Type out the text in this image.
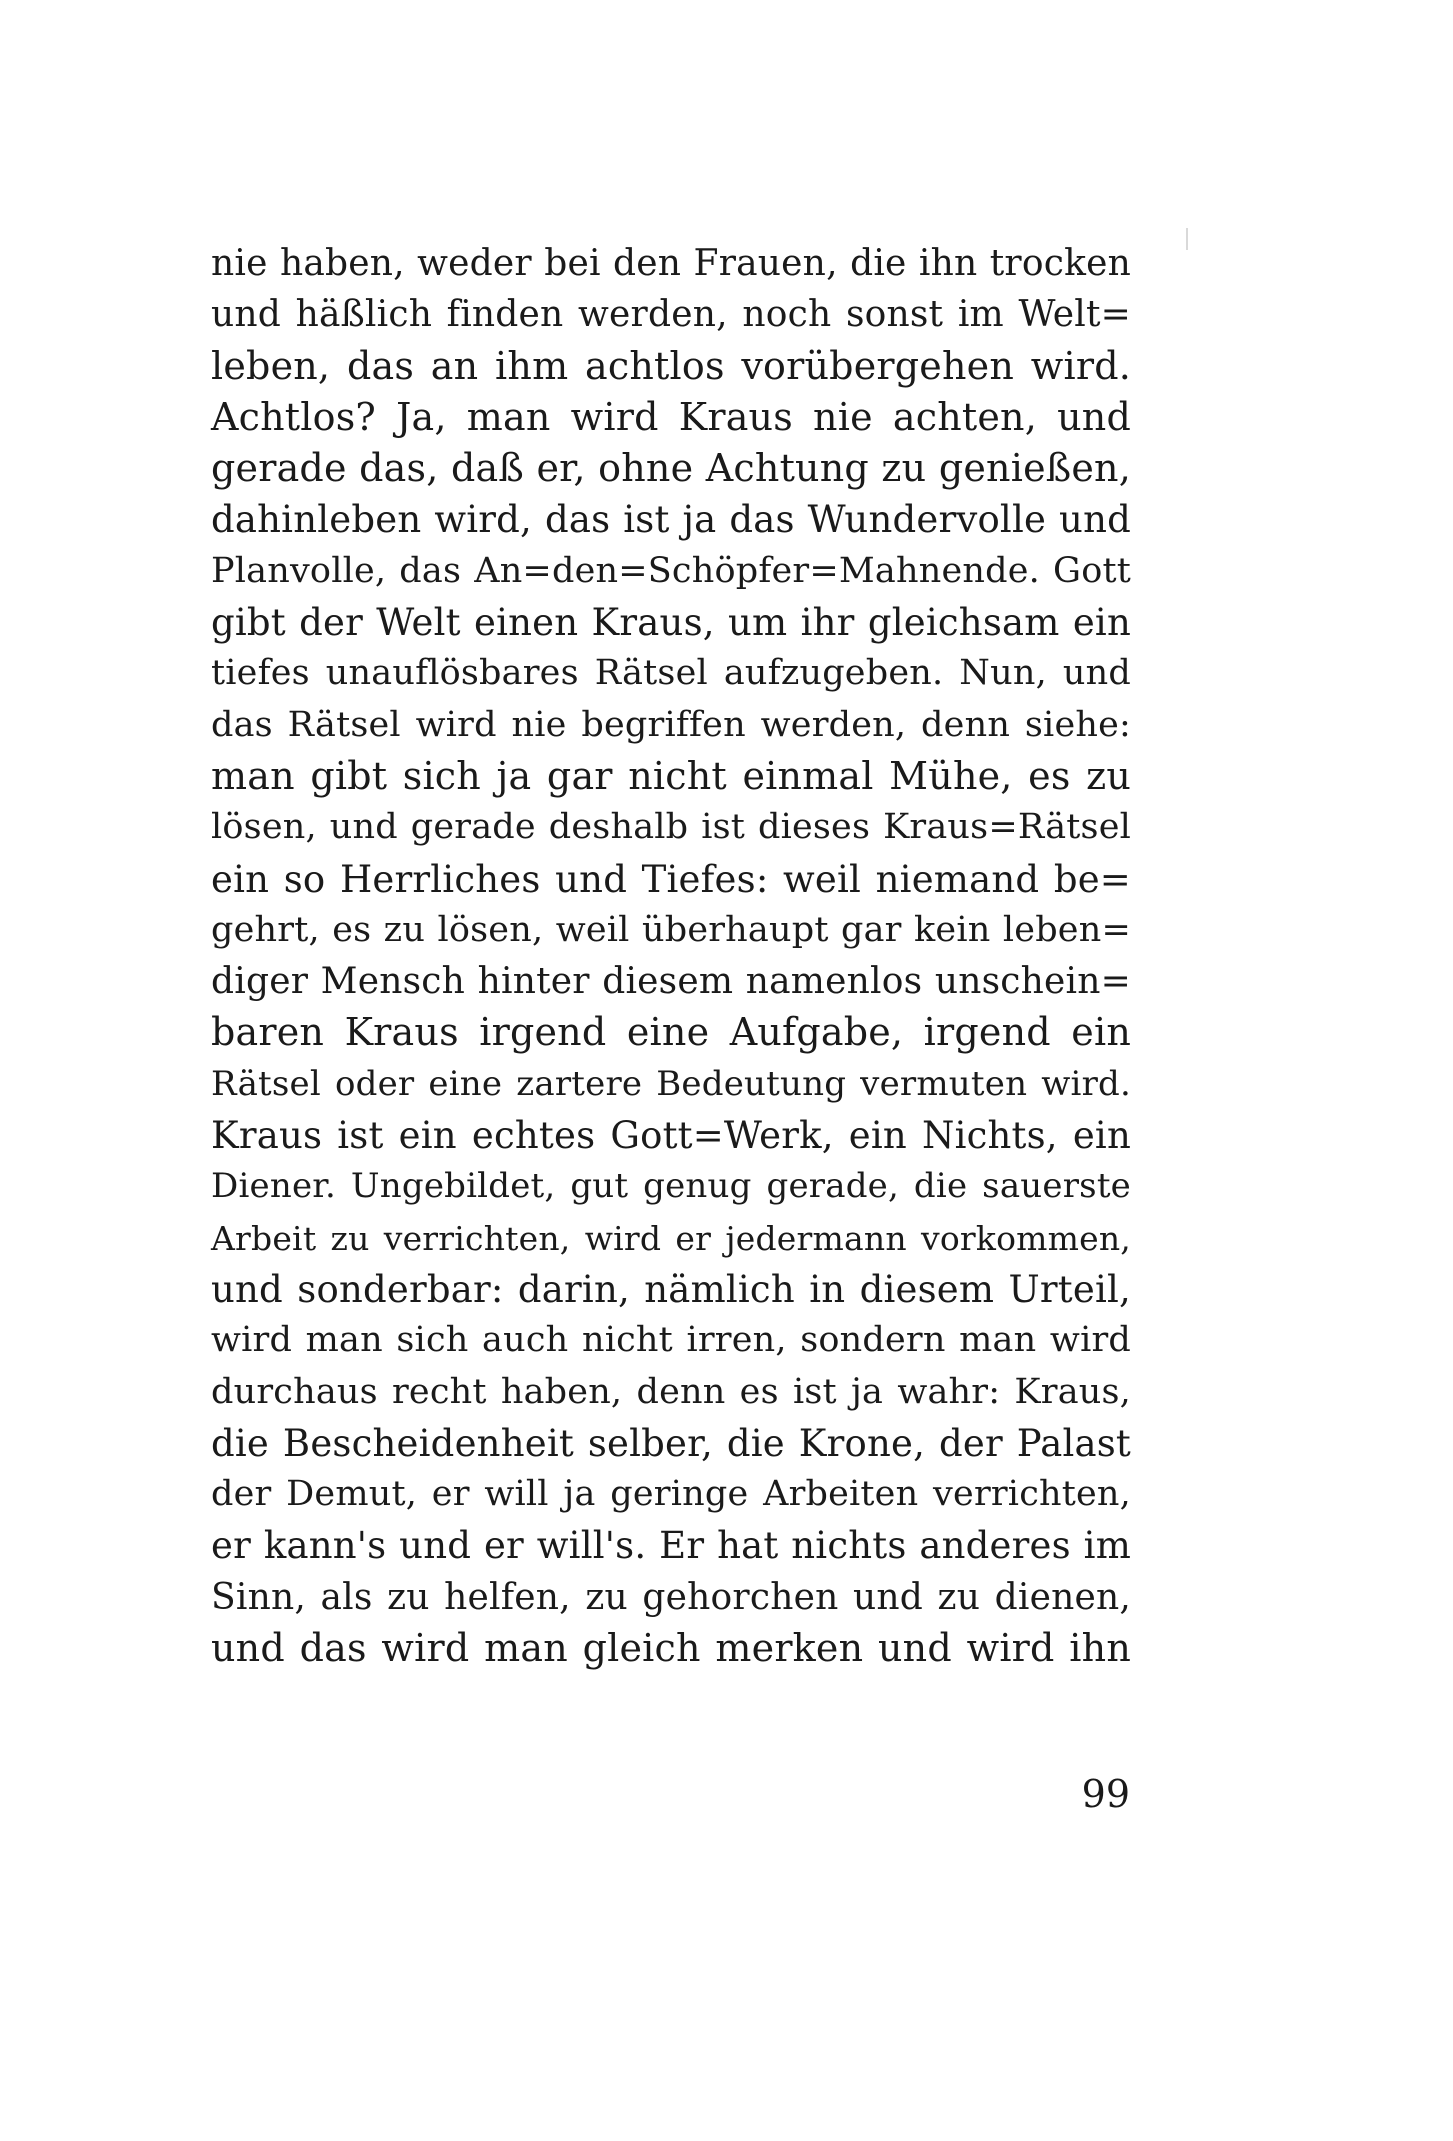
nie haben, weder bei den Frauen, die ihn trocken
und häßlich finden werden, noch sonst im Welt=
leben, das an ihm achtlos vorübergehen wird.
Achtlos? Ja, man wird Kraus nie achten, und
gerade das, daß er, ohne Achtung zu genießen,
dahinleben wird, das ist ja das Wundervolle und
Planvolle, das An=den=Schöpfer=Mahnende. Gott
gibt der Welt einen Kraus, um ihr gleichsam ein
tiefes unauflösbares Rätsel aufzugeben. Nun, und
das Rätsel wird nie begriffen werden, denn siehe:
man gibt sich ja gar nicht einmal Mühe, es zu
lösen, und gerade deshalb ist dieses Kraus=Rätsel
ein so Herrliches und Tiefes: weil niemand be=
gehrt, es zu lösen, weil überhaupt gar kein leben=
diger Mensch hinter diesem namenlos unschein=
baren Kraus irgend eine Aufgabe, irgend ein
Rätsel oder eine zartere Bedeutung vermuten wird.
Kraus ist ein echtes Gott=Werk, ein Nichts, ein
Diener. Ungebildet, gut genug gerade, die sauerste
Arbeit zu verrichten, wird er jedermann vorkommen,
und sonderbar: darin, nämlich in diesem Urteil,
wird man sich auch nicht irren, sondern man wird
durchaus recht haben, denn es ist ja wahr: Kraus,
die Bescheidenheit selber, die Krone, der Palast
der Demut, er will ja geringe Arbeiten verrichten,
er kann's und er will's. Er hat nichts anderes im
Sinn, als zu helfen, zu gehorchen und zu dienen,
und das wird man gleich merken und wird ihn
99
